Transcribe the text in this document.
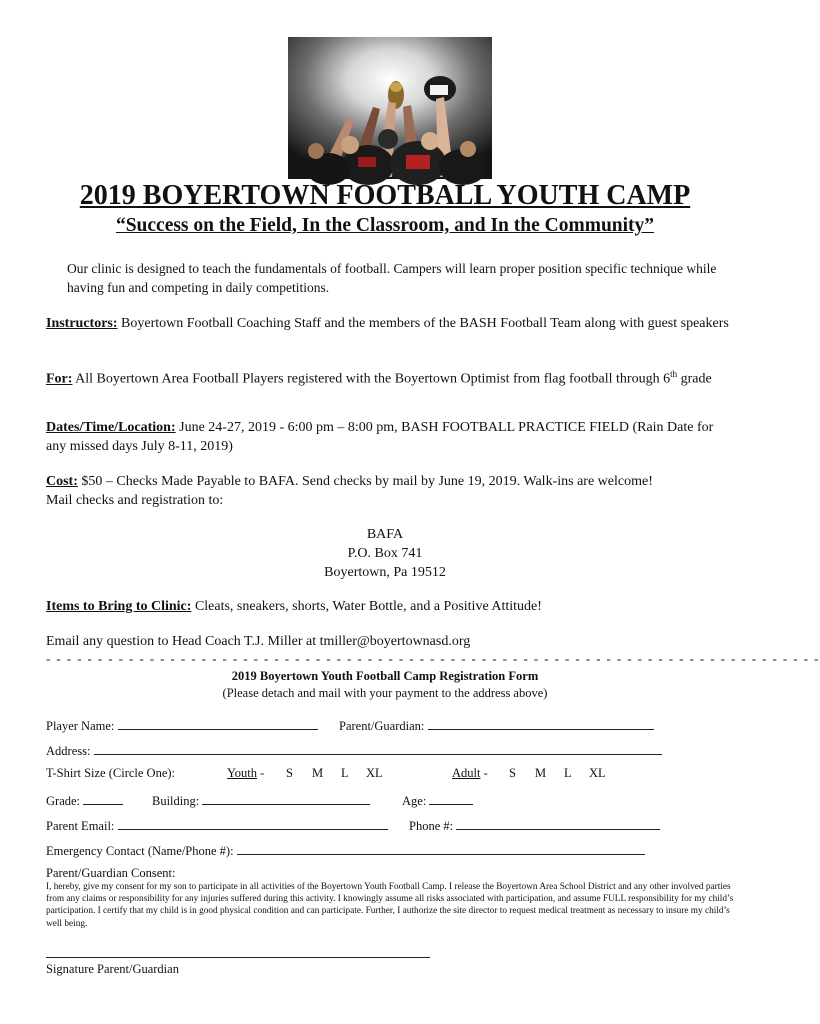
2019 BOYERTOWN FOOTBALL YOUTH CAMP
“Success on the Field, In the Classroom, and In the Community”
Our clinic is designed to teach the fundamentals of football. Campers will learn proper position specific technique while having fun and competing in daily competitions.
Instructors: Boyertown Football Coaching Staff and the members of the BASH Football Team along with guest speakers
For: All Boyertown Area Football Players registered with the Boyertown Optimist from flag football through 6th grade
Dates/Time/Location: June 24-27, 2019 - 6:00 pm – 8:00 pm, BASH FOOTBALL PRACTICE FIELD (Rain Date for any missed days July 8-11, 2019)
Cost: $50 – Checks Made Payable to BAFA. Send checks by mail by June 19, 2019. Walk-ins are welcome!
Mail checks and registration to:
BAFA
P.O. Box 741
Boyertown, Pa 19512
Items to Bring to Clinic: Cleats, sneakers, shorts, Water Bottle, and a Positive Attitude!
Email any question to Head Coach T.J. Miller at tmiller@boyertownasd.org
- - - - - - - - - - - - - - - - - - - - - - - - - - - - - - - - - - - - - - - - - - - - - - - - - - - - - - - - - - - - - - - - - - - - - - - - - - -
2019 Boyertown Youth Football Camp Registration Form
(Please detach and mail with your payment to the address above)
Player Name:	Parent/Guardian:
Address:
T-Shirt Size (Circle One):	Youth - S M L XL	Adult - S M L XL
Grade:	Building:	Age:
Parent Email:	Phone #:
Emergency Contact (Name/Phone #):
Parent/Guardian Consent:
I, hereby, give my consent for my son to participate in all activities of the Boyertown Youth Football Camp. I release the Boyertown Area School District and any other involved parties from any claims or responsibility for any injuries suffered during this activity. I knowingly assume all risks associated with participation, and assume FULL responsibility for my child’s participation. I certify that my child is in good physical condition and can participate. Further, I authorize the site director to request medical treatment as necessary to insure my child’s well being.
Signature Parent/Guardian
